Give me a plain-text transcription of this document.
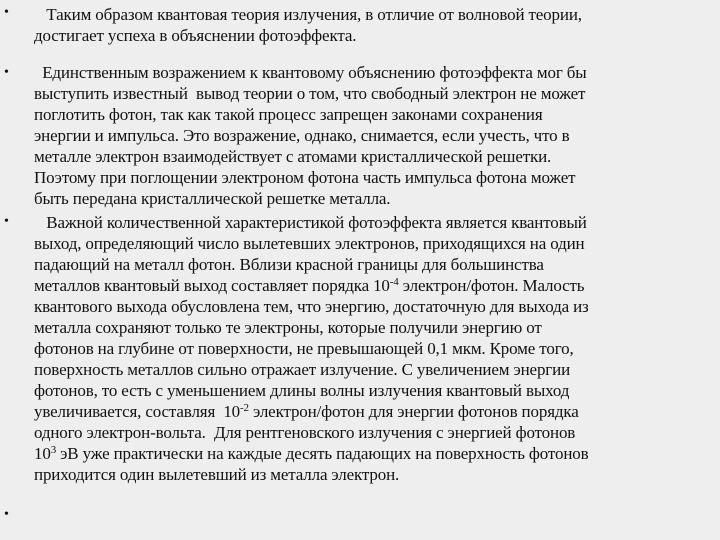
•
•
•
•
Таким образом квантовая теория излучения, в отличие от волновой теории,
достигает успеха в объяснении фотоэффекта.
Единственным возражением к квантовому объяснению фотоэффекта мог бы
выступить известный  вывод теории о том, что свободный электрон не может
поглотить фотон, так как такой процесс запрещен законами сохранения
энергии и импульса. Это возражение, однако, снимается, если учесть, что в
металле электрон взаимодействует с атомами кристаллической решетки.
Поэтому при поглощении электроном фотона часть импульса фотона может
быть передана кристаллической решетке металла.
Важной количественной характеристикой фотоэффекта является квантовый
выход, определяющий число вылетевших электронов, приходящихся на один
падающий на металл фотон. Вблизи красной границы для большинства
металлов квантовый выход составляет порядка $10^{-4}$ электрон/фотон. Малость
квантового выхода обусловлена тем, что энергию, достаточную для выхода из
металла сохраняют только те электроны, которые получили энергию от
фотонов на глубине от поверхности, не превышающей 0,1 мкм. Кроме того,
поверхность металлов сильно отражает излучение. С увеличением энергии
фотонов, то есть с уменьшением длины волны излучения квантовый выход
увеличивается, составляя  $10^{-2}$ электрон/фотон для энергии фотонов порядка
одного электрон-вольта.  Для рентгеновского излучения с энергией фотонов
$10^3$ эВ уже практически на каждые десять падающих на поверхность фотонов
приходится один вылетевший из металла электрон.
